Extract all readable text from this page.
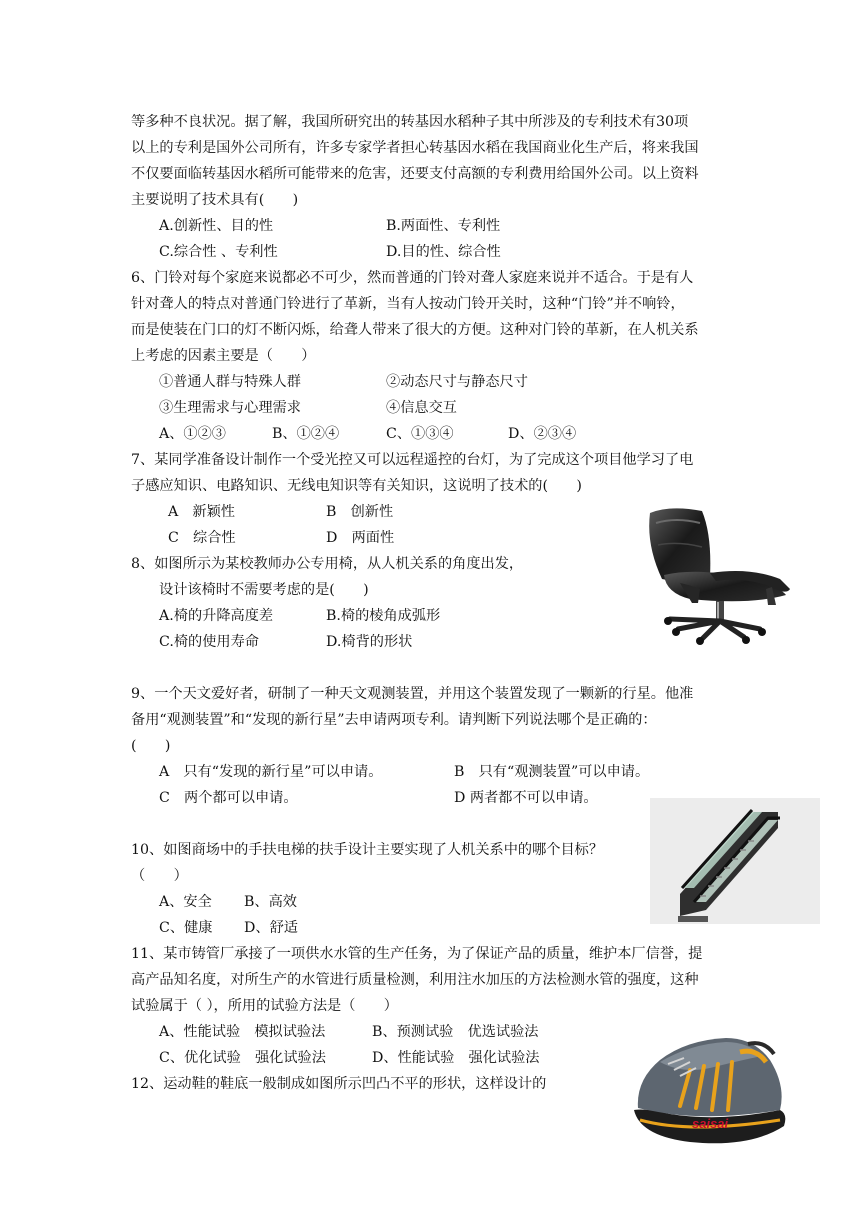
等多种不良状况。据了解，我国所研究出的转基因水稻种子其中所涉及的专利技术有30项
以上的专利是国外公司所有，许多专家学者担心转基因水稻在我国商业化生产后，将来我国
不仅要面临转基因水稻所可能带来的危害，还要支付高额的专利费用给国外公司。以上资料
主要说明了技术具有(　　)
A.创新性、目的性	B.两面性、专利性
C.综合性 、专利性	D.目的性、综合性
6、门铃对每个家庭来说都必不可少，然而普通的门铃对聋人家庭来说并不适合。于是有人
针对聋人的特点对普通门铃进行了革新，当有人按动门铃开关时，这种“门铃”并不响铃，
而是使装在门口的灯不断闪烁，给聋人带来了很大的方便。这种对门铃的革新，在人机关系
上考虑的因素主要是（　　）
①普通人群与特殊人群	②动态尺寸与静态尺寸
③生理需求与心理需求	④信息交互
A、①②③	B、①②④	C、①③④	D、②③④
7、某同学准备设计制作一个受光控又可以远程遥控的台灯，为了完成这个项目他学习了电
子感应知识、电路知识、无线电知识等有关知识，这说明了技术的(　　)
A　新颖性	B　创新性
C　综合性	D　两面性
8、如图所示为某校教师办公专用椅，从人机关系的角度出发，
设计该椅时不需要考虑的是(　　)
A.椅的升降高度差	B.椅的棱角成弧形
C.椅的使用寿命	D.椅背的形状
9、一个天文爱好者，研制了一种天文观测装置，并用这个装置发现了一颗新的行星。他准
备用“观测装置”和“发现的新行星”去申请两项专利。请判断下列说法哪个是正确的：
(　　)
A　只有“发现的新行星”可以申请。	B　只有“观测装置”可以申请。
C　两个都可以申请。	D 两者都不可以申请。
10、如图商场中的手扶电梯的扶手设计主要实现了人机关系中的哪个目标？
（　　）
A、安全 B、高效
C、健康 D、舒适
11、某市铸管厂承接了一项供水水管的生产任务，为了保证产品的质量，维护本厂信誉，提
高产品知名度，对所生产的水管进行质量检测，利用注水加压的方法检测水管的强度，这种
试验属于（ ），所用的试验方法是（　　）
A、性能试验　模拟试验法	B、预测试验　优选试验法
C、优化试验　强化试验法	D、性能试验　强化试验法
12、运动鞋的鞋底一般制成如图所示凹凸不平的形状，这样设计的
saisai
